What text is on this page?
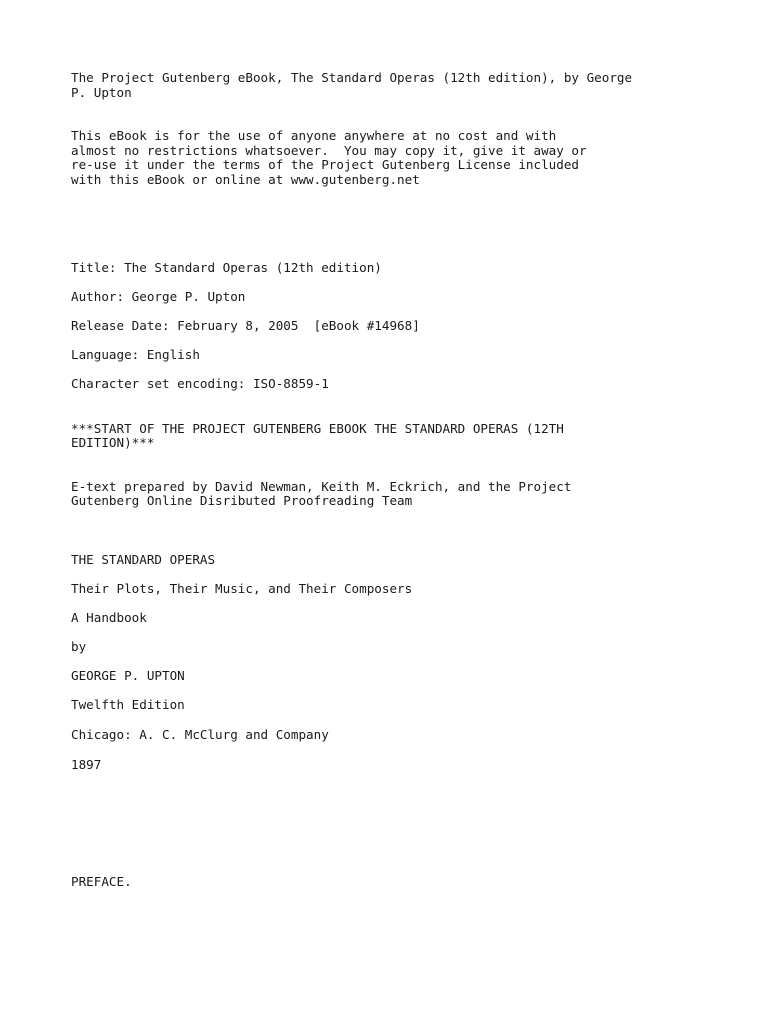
The Project Gutenberg eBook, The Standard Operas (12th edition), by George
P. Upton
This eBook is for the use of anyone anywhere at no cost and with
almost no restrictions whatsoever.  You may copy it, give it away or
re-use it under the terms of the Project Gutenberg License included
with this eBook or online at www.gutenberg.net
Title: The Standard Operas (12th edition)
Author: George P. Upton
Release Date: February 8, 2005  [eBook #14968]
Language: English
Character set encoding: ISO-8859-1
***START OF THE PROJECT GUTENBERG EBOOK THE STANDARD OPERAS (12TH
EDITION)***
E-text prepared by David Newman, Keith M. Eckrich, and the Project
Gutenberg Online Disributed Proofreading Team
THE STANDARD OPERAS
Their Plots, Their Music, and Their Composers
A Handbook
by
GEORGE P. UPTON
Twelfth Edition
Chicago: A. C. McClurg and Company
1897
PREFACE.
